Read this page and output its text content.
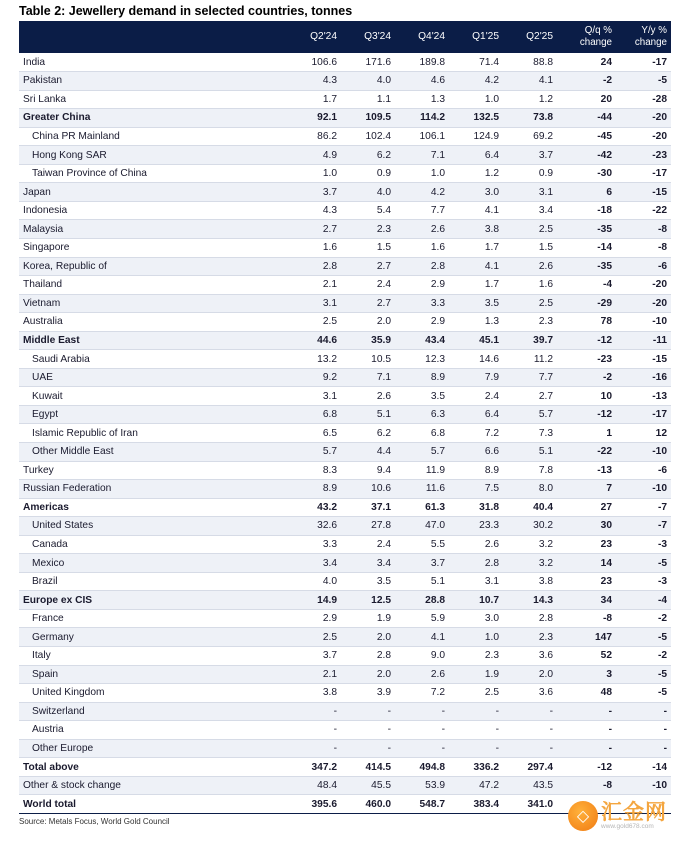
Table 2: Jewellery demand in selected countries, tonnes
	Q2'24	Q3'24	Q4'24	Q1'25	Q2'25	Q/q % change	Y/y % change
India	106.6	171.6	189.8	71.4	88.8	24	-17
Pakistan	4.3	4.0	4.6	4.2	4.1	-2	-5
Sri Lanka	1.7	1.1	1.3	1.0	1.2	20	-28
Greater China	92.1	109.5	114.2	132.5	73.8	-44	-20
China PR Mainland	86.2	102.4	106.1	124.9	69.2	-45	-20
Hong Kong SAR	4.9	6.2	7.1	6.4	3.7	-42	-23
Taiwan Province of China	1.0	0.9	1.0	1.2	0.9	-30	-17
Japan	3.7	4.0	4.2	3.0	3.1	6	-15
Indonesia	4.3	5.4	7.7	4.1	3.4	-18	-22
Malaysia	2.7	2.3	2.6	3.8	2.5	-35	-8
Singapore	1.6	1.5	1.6	1.7	1.5	-14	-8
Korea, Republic of	2.8	2.7	2.8	4.1	2.6	-35	-6
Thailand	2.1	2.4	2.9	1.7	1.6	-4	-20
Vietnam	3.1	2.7	3.3	3.5	2.5	-29	-20
Australia	2.5	2.0	2.9	1.3	2.3	78	-10
Middle East	44.6	35.9	43.4	45.1	39.7	-12	-11
Saudi Arabia	13.2	10.5	12.3	14.6	11.2	-23	-15
UAE	9.2	7.1	8.9	7.9	7.7	-2	-16
Kuwait	3.1	2.6	3.5	2.4	2.7	10	-13
Egypt	6.8	5.1	6.3	6.4	5.7	-12	-17
Islamic Republic of Iran	6.5	6.2	6.8	7.2	7.3	1	12
Other Middle East	5.7	4.4	5.7	6.6	5.1	-22	-10
Turkey	8.3	9.4	11.9	8.9	7.8	-13	-6
Russian Federation	8.9	10.6	11.6	7.5	8.0	7	-10
Americas	43.2	37.1	61.3	31.8	40.4	27	-7
United States	32.6	27.8	47.0	23.3	30.2	30	-7
Canada	3.3	2.4	5.5	2.6	3.2	23	-3
Mexico	3.4	3.4	3.7	2.8	3.2	14	-5
Brazil	4.0	3.5	5.1	3.1	3.8	23	-3
Europe ex CIS	14.9	12.5	28.8	10.7	14.3	34	-4
France	2.9	1.9	5.9	3.0	2.8	-8	-2
Germany	2.5	2.0	4.1	1.0	2.3	147	-5
Italy	3.7	2.8	9.0	2.3	3.6	52	-2
Spain	2.1	2.0	2.6	1.9	2.0	3	-5
United Kingdom	3.8	3.9	7.2	2.5	3.6	48	-5
Switzerland	-	-	-	-	-	-	-
Austria	-	-	-	-	-	-	-
Other Europe	-	-	-	-	-	-	-
Total above	347.2	414.5	494.8	336.2	297.4	-12	-14
Other & stock change	48.4	45.5	53.9	47.2	43.5	-8	-10
World total	395.6	460.0	548.7	383.4	341.0		
Source: Metals Focus, World Gold Council	◇ 汇金网
www.gold678.com
